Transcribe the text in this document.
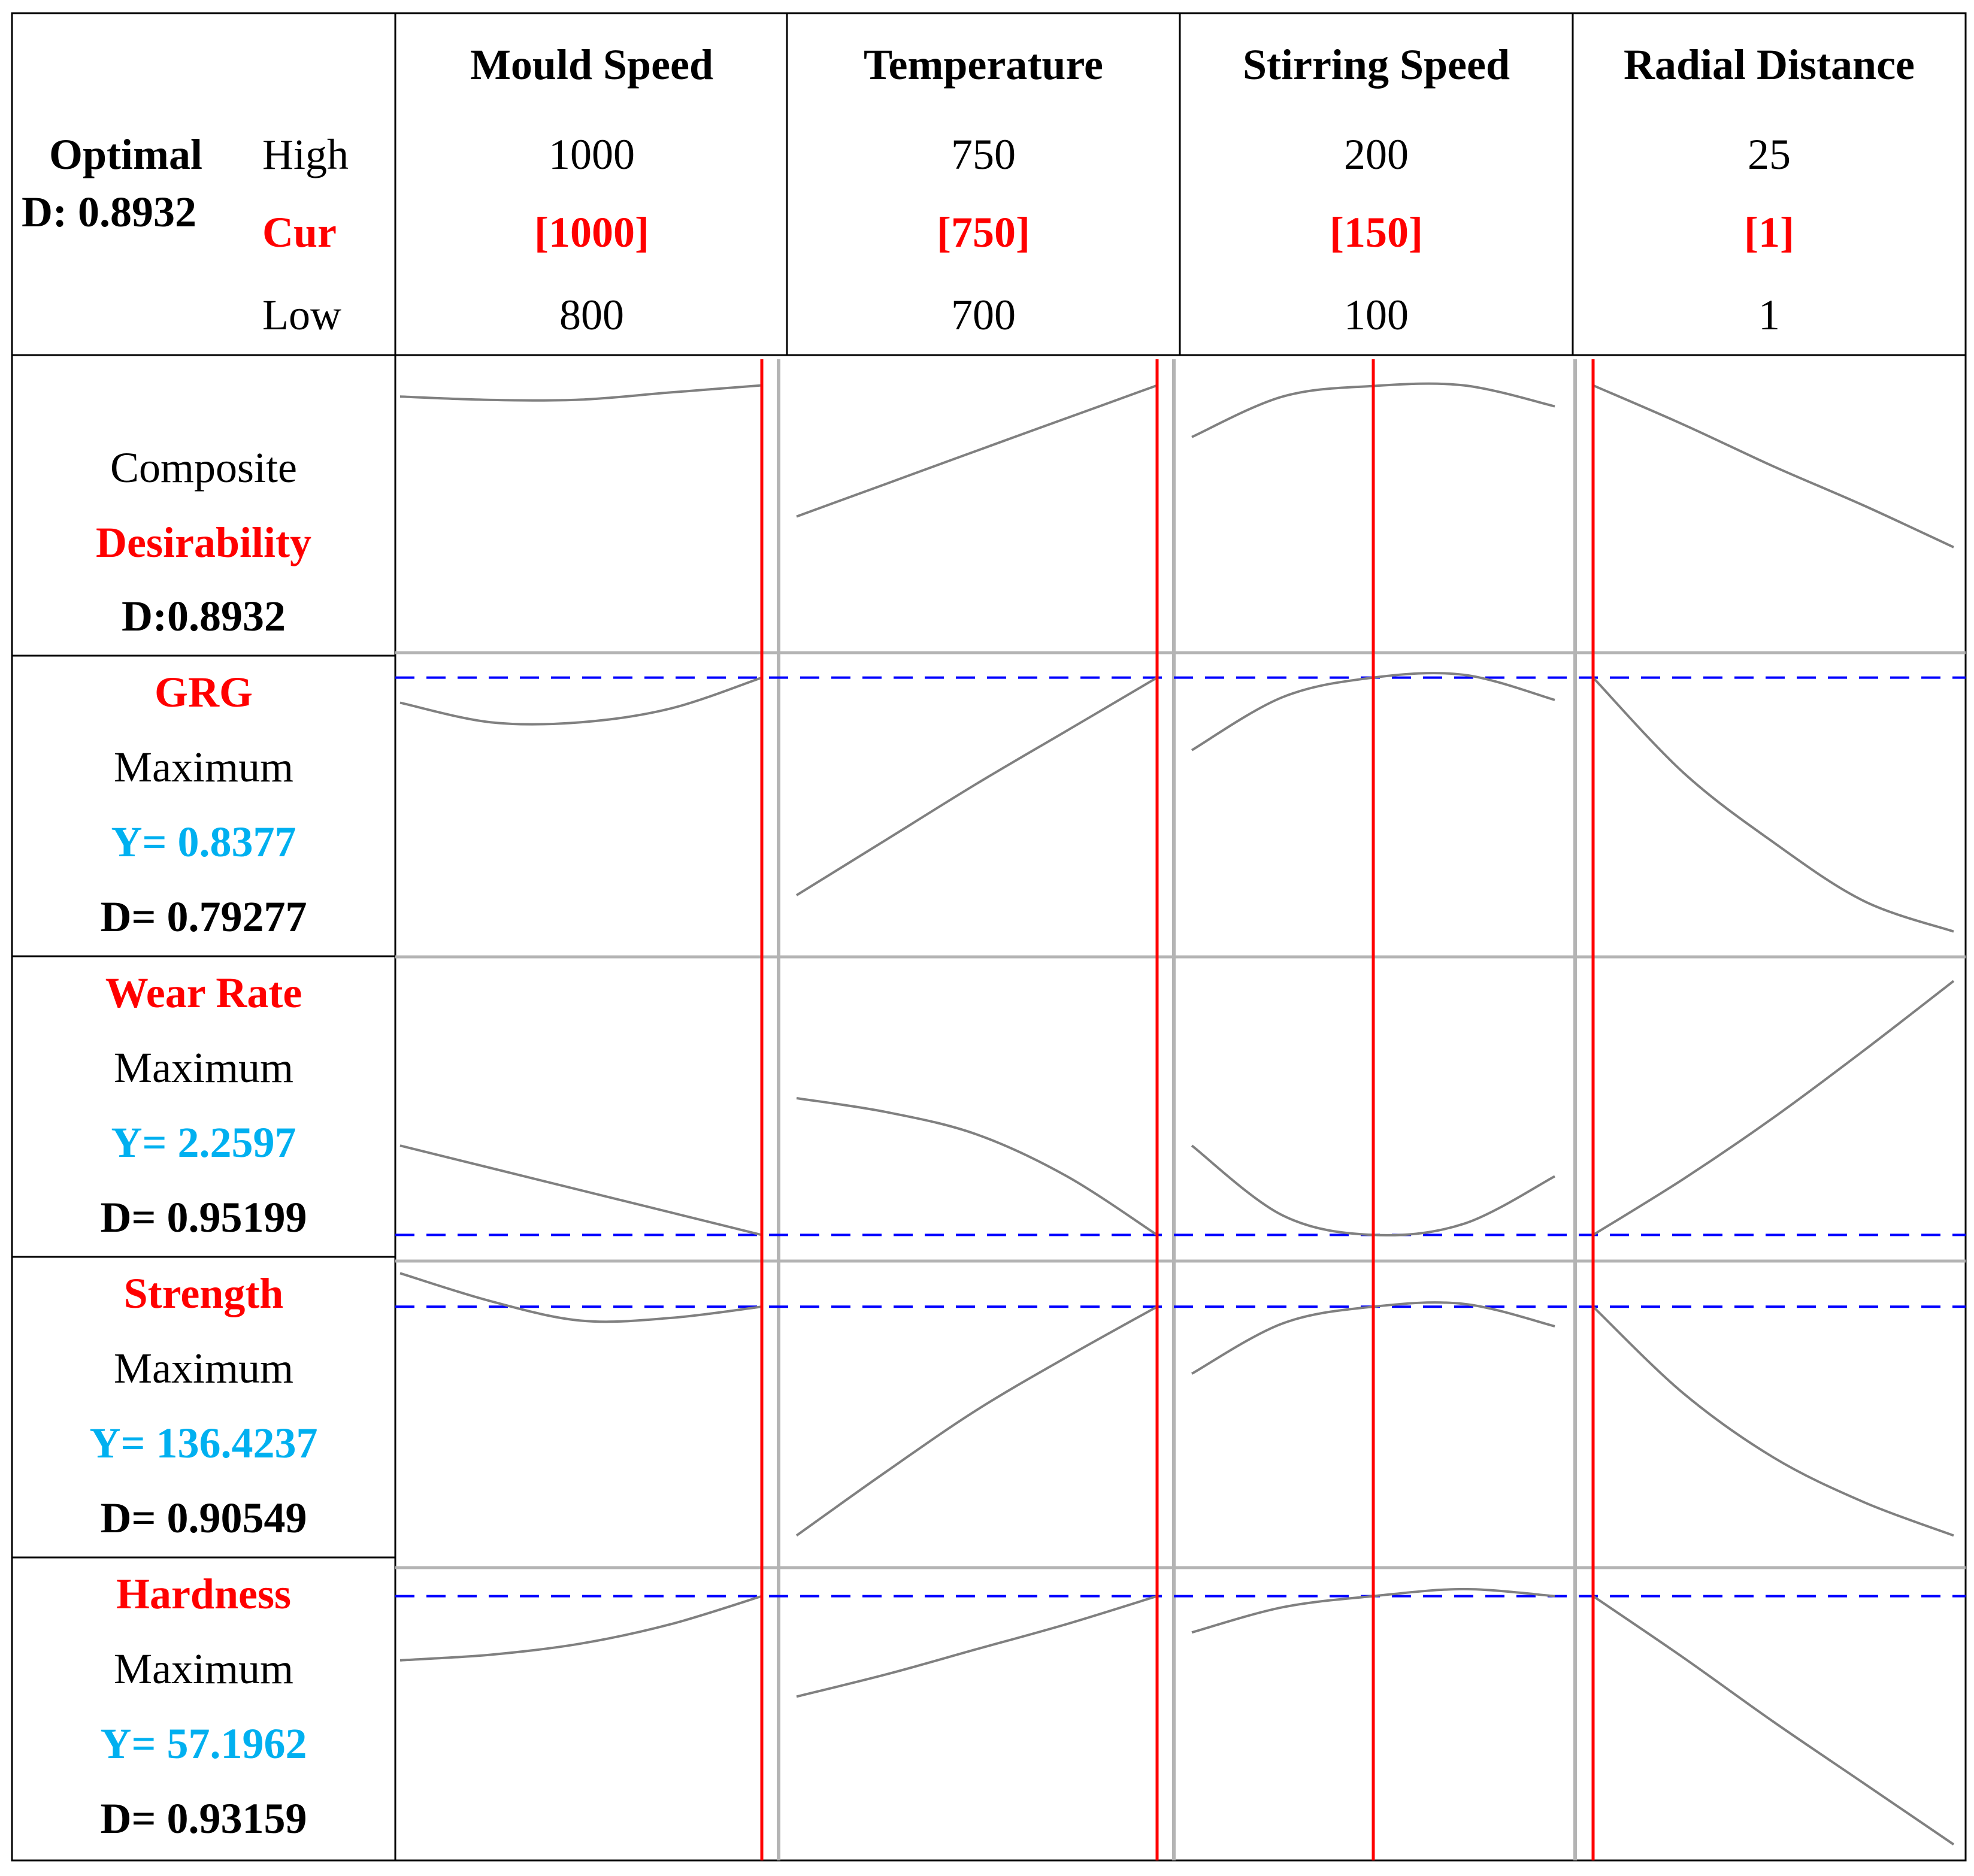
Optimal
D: 0.8932
High
Cur
Low
Mould Speed
1000
[1000]
800
Temperature
750
[750]
700
Stirring Speed
200
[150]
100
Radial Distance
25
[1]
1
Composite
Desirability
D:0.8932
GRG
Maximum
Y= 0.8377
D= 0.79277
Wear Rate
Maximum
Y= 2.2597
D= 0.95199
Strength
Maximum
Y= 136.4237
D= 0.90549
Hardness
Maximum
Y= 57.1962
D= 0.93159
